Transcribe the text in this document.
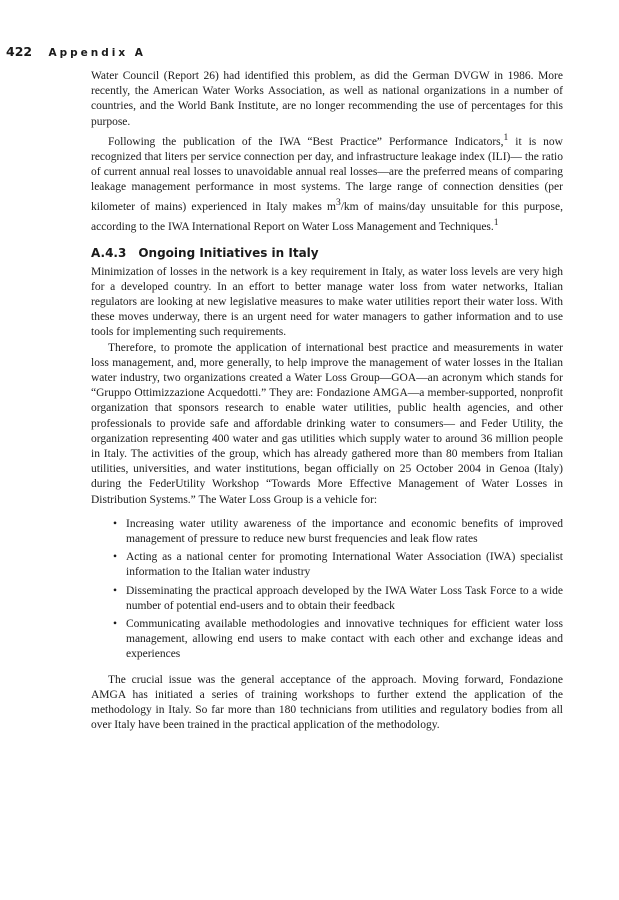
422 Appendix A

Water Council (Report 26) had identified this problem, as did the German DVGW in 1986. More recently, the American Water Works Association, as well as national organizations in a number of countries, and the World Bank Institute, are no longer recommending the use of percentages for this purpose.

Following the publication of the IWA “Best Practice” Performance Indicators,$^1$ it is now recognized that liters per service connection per day, and infrastructure leakage index (ILI)— the ratio of current annual real losses to unavoidable annual real losses—are the preferred means of comparing leakage management performance in most systems. The large range of connection densities (per kilometer of mains) experienced in Italy makes $m^3/km$ of mains/day unsuitable for this purpose, according to the IWA International Report on Water Loss Management and Techniques.$^1$

A.4.3 Ongoing Initiatives in Italy

Minimization of losses in the network is a key requirement in Italy, as water loss levels are very high for a developed country. In an effort to better manage water loss from water networks, Italian regulators are looking at new legislative measures to make water utilities report their water loss. With these moves underway, there is an urgent need for water managers to gather information and to use tools for implementing such requirements.

Therefore, to promote the application of international best practice and measurements in water loss management, and, more generally, to help improve the management of water losses in the Italian water industry, two organizations created a Water Loss Group—GOA—an acronym which stands for “Gruppo Ottimizzazione Acquedotti.” They are: Fondazione AMGA—a member-supported, nonprofit organization that sponsors research to enable water utilities, public health agencies, and other professionals to provide safe and affordable drinking water to consumers— and Feder Utility, the organization representing 400 water and gas utilities which supply water to around 36 million people in Italy. The activities of the group, which has already gathered more than 80 members from Italian utilities, universities, and water institutions, began officially on 25 October 2004 in Genoa (Italy) during the FederUtility Workshop “Towards More Effective Management of Water Losses in Distribution Systems.” The Water Loss Group is a vehicle for:

• Increasing water utility awareness of the importance and economic benefits of improved management of pressure to reduce new burst frequencies and leak flow rates
• Acting as a national center for promoting International Water Association (IWA) specialist information to the Italian water industry
• Disseminating the practical approach developed by the IWA Water Loss Task Force to a wide number of potential end-users and to obtain their feedback
• Communicating available methodologies and innovative techniques for efficient water loss management, allowing end users to make contact with each other and exchange ideas and experiences

The crucial issue was the general acceptance of the approach. Moving forward, Fondazione AMGA has initiated a series of training workshops to further extend the application of the methodology in Italy. So far more than 180 technicians from utilities and regulatory bodies from all over Italy have been trained in the practical application of the methodology.
